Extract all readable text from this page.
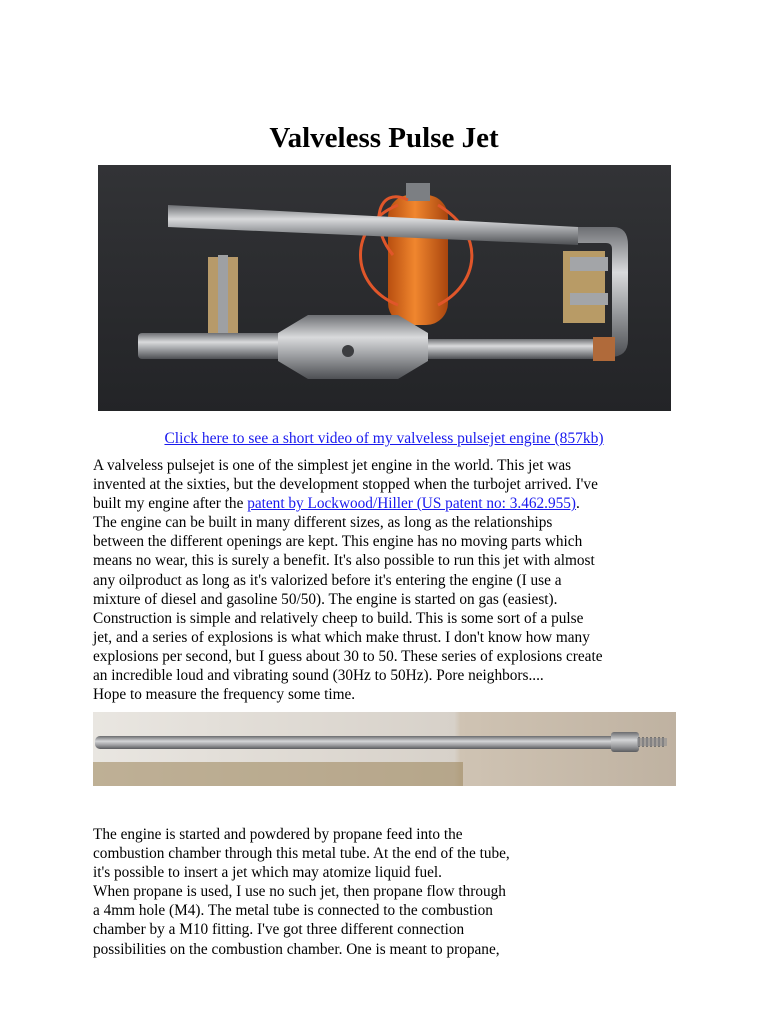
Valveless Pulse Jet
Click here to see a short video of my valveless pulsejet engine (857kb)
A valveless pulsejet is one of the simplest jet engine in the world. This jet was
invented at the sixties, but the development stopped when the turbojet arrived. I've
built my engine after the patent by Lockwood/Hiller (US patent no: 3.462.955).
The engine can be built in many different sizes, as long as the relationships
between the different openings are kept. This engine has no moving parts which
means no wear, this is surely a benefit. It's also possible to run this jet with almost
any oilproduct as long as it's valorized before it's entering the engine (I use a
mixture of diesel and gasoline 50/50). The engine is started on gas (easiest).
Construction is simple and relatively cheep to build. This is some sort of a pulse
jet, and a series of explosions is what which make thrust. I don't know how many
explosions per second, but I guess about 30 to 50. These series of explosions create
an incredible loud and vibrating sound (30Hz to 50Hz). Pore neighbors....
Hope to measure the frequency some time.
The engine is started and powdered by propane feed into the
combustion chamber through this metal tube. At the end of the tube,
it's possible to insert a jet which may atomize liquid fuel.
When propane is used, I use no such jet, then propane flow through
a 4mm hole (M4). The metal tube is connected to the combustion
chamber by a M10 fitting. I've got three different connection
possibilities on the combustion chamber. One is meant to propane,
